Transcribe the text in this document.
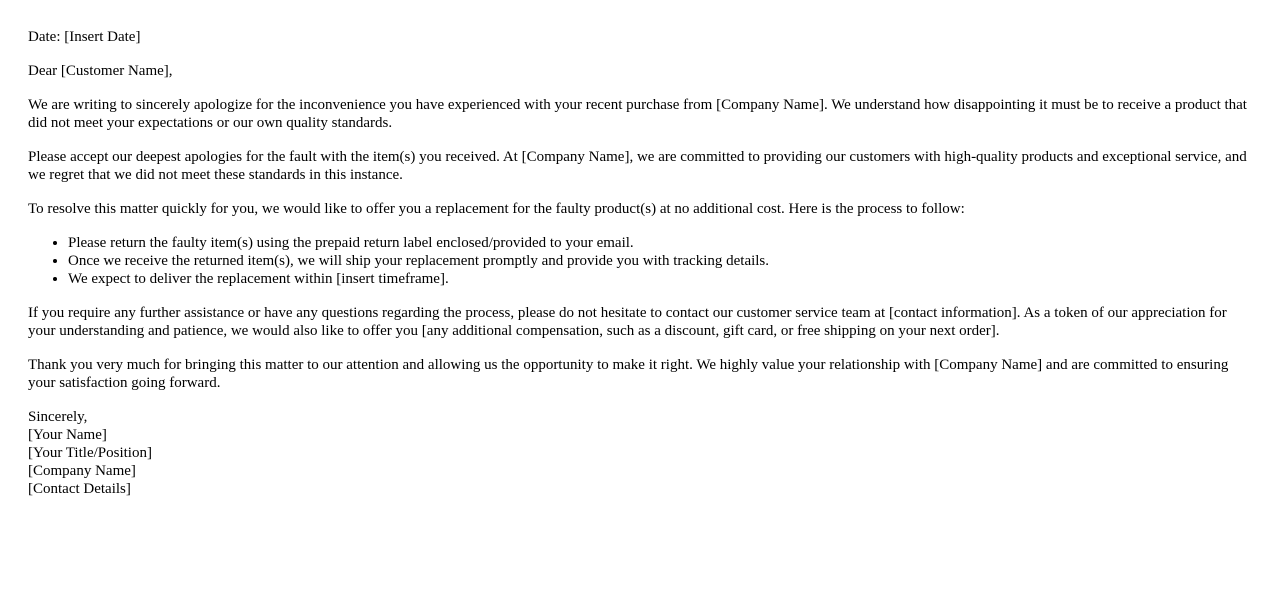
Date: [Insert Date]

Dear [Customer Name],

We are writing to sincerely apologize for the inconvenience you have experienced with your recent purchase from [Company Name]. We understand how disappointing it must be to receive a product that did not meet your expectations or our own quality standards.

Please accept our deepest apologies for the fault with the item(s) you received. At [Company Name], we are committed to providing our customers with high-quality products and exceptional service, and we regret that we did not meet these standards in this instance.

To resolve this matter quickly for you, we would like to offer you a replacement for the faulty product(s) at no additional cost. Here is the process to follow:

• Please return the faulty item(s) using the prepaid return label enclosed/provided to your email.
• Once we receive the returned item(s), we will ship your replacement promptly and provide you with tracking details.
• We expect to deliver the replacement within [insert timeframe].

If you require any further assistance or have any questions regarding the process, please do not hesitate to contact our customer service team at [contact information]. As a token of our appreciation for your understanding and patience, we would also like to offer you [any additional compensation, such as a discount, gift card, or free shipping on your next order].

Thank you very much for bringing this matter to our attention and allowing us the opportunity to make it right. We highly value your relationship with [Company Name] and are committed to ensuring your satisfaction going forward.

Sincerely,
[Your Name]
[Your Title/Position]
[Company Name]
[Contact Details]
